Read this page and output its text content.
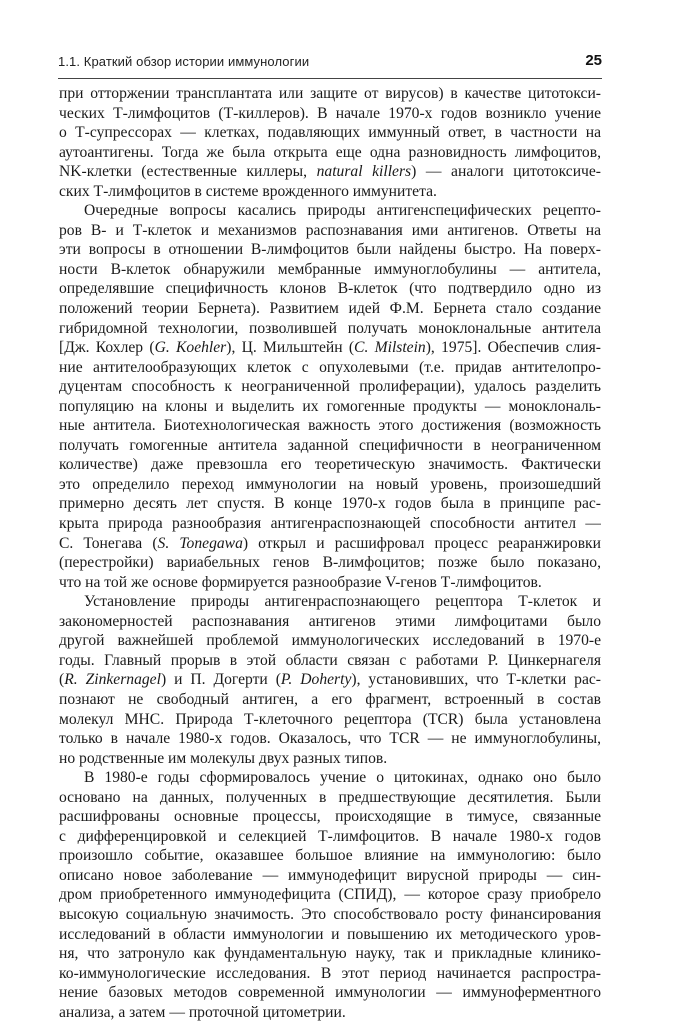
1.1. Краткий обзор истории иммунологии	25
при отторжении трансплантата или защите от вирусов) в качестве цитотокси-
ческих Т-лимфоцитов (Т-киллеров). В начале 1970-х годов возникло учение
о Т-супрессорах — клетках, подавляющих иммунный ответ, в частности на
аутоантигены. Тогда же была открыта еще одна разновидность лимфоцитов,
NK-клетки (естественные киллеры, natural killers) — аналоги цитотоксиче-
ских Т-лимфоцитов в системе врожденного иммунитета.
Очередные вопросы касались природы антигенспецифических рецепто-
ров В- и Т-клеток и механизмов распознавания ими антигенов. Ответы на
эти вопросы в отношении В-лимфоцитов были найдены быстро. На поверх-
ности В-клеток обнаружили мембранные иммуноглобулины — антитела,
определявшие специфичность клонов В-клеток (что подтвердило одно из
положений теории Бернета). Развитием идей Ф.М. Бернета стало создание
гибридомной технологии, позволившей получать моноклональные антитела
[Дж. Кохлер (G. Koehler), Ц. Мильштейн (C. Milstein), 1975]. Обеспечив слия-
ние антителообразующих клеток с опухолевыми (т.е. придав антителопро-
дуцентам способность к неограниченной пролиферации), удалось разделить
популяцию на клоны и выделить их гомогенные продукты — моноклональ-
ные антитела. Биотехнологическая важность этого достижения (возможность
получать гомогенные антитела заданной специфичности в неограниченном
количестве) даже превзошла его теоретическую значимость. Фактически
это определило переход иммунологии на новый уровень, произошедший
примерно десять лет спустя. В конце 1970-х годов была в принципе рас-
крыта природа разнообразия антигенраспознающей способности антител —
С. Тонегава (S. Tonegawa) открыл и расшифровал процесс реаранжировки
(перестройки) вариабельных генов В-лимфоцитов; позже было показано,
что на той же основе формируется разнообразие V-генов Т-лимфоцитов.
Установление природы антигенраспознающего рецептора Т-клеток и
закономерностей распознавания антигенов этими лимфоцитами было
другой важнейшей проблемой иммунологических исследований в 1970-е
годы. Главный прорыв в этой области связан с работами Р. Цинкернагеля
(R. Zinkernagel) и П. Догерти (P. Doherty), установивших, что Т-клетки рас-
познают не свободный антиген, а его фрагмент, встроенный в состав
молекул МНС. Природа Т-клеточного рецептора (TCR) была установлена
только в начале 1980-х годов. Оказалось, что TCR — не иммуноглобулины,
но родственные им молекулы двух разных типов.
В 1980-е годы сформировалось учение о цитокинах, однако оно было
основано на данных, полученных в предшествующие десятилетия. Были
расшифрованы основные процессы, происходящие в тимусе, связанные
с дифференцировкой и селекцией Т-лимфоцитов. В начале 1980-х годов
произошло событие, оказавшее большое влияние на иммунологию: было
описано новое заболевание — иммунодефицит вирусной природы — син-
дром приобретенного иммунодефицита (СПИД), — которое сразу приобрело
высокую социальную значимость. Это способствовало росту финансирования
исследований в области иммунологии и повышению их методического уров-
ня, что затронуло как фундаментальную науку, так и прикладные клинико-
ко-иммунологические исследования. В этот период начинается распростра-
нение базовых методов современной иммунологии — иммуноферментного
анализа, а затем — проточной цитометрии.
